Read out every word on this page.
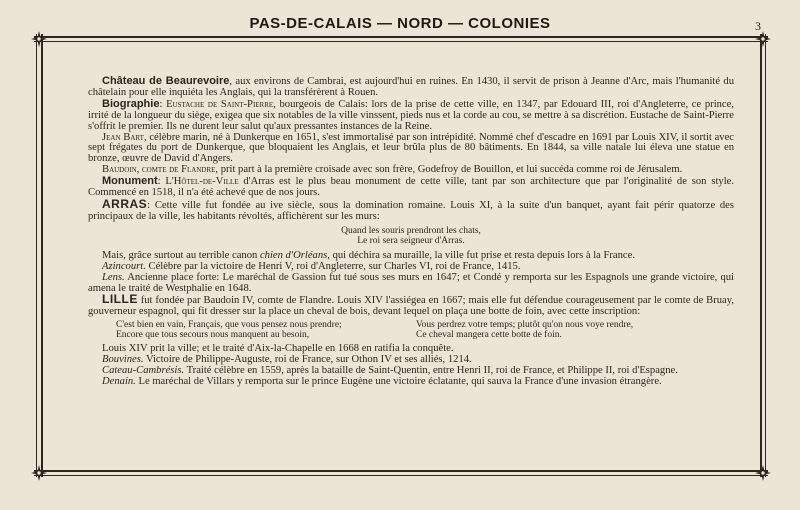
PAS-DE-CALAIS — NORD — COLONIES	3

Château de Beaurevoire, aux environs de Cambrai, est aujourd'hui en ruines. En 1430, il servit de prison à Jeanne d'Arc, mais l'humanité du châtelain pour elle inquiéta les Anglais, qui la transférèrent à Rouen.

Biographie: Eustache de Saint-Pierre, bourgeois de Calais: lors de la prise de cette ville, en 1347, par Edouard III, roi d'Angleterre, ce prince, irrité de la longueur du siège, exigea que six notables de la ville vinssent, pieds nus et la corde au cou, se mettre à sa discrétion. Eustache de Saint-Pierre s'offrit le premier. Ils ne durent leur salut qu'aux pressantes instances de la Reine.

Jean Bart, célèbre marin, né à Dunkerque en 1651, s'est immortalisé par son intrépidité. Nommé chef d'escadre en 1691 par Louis XIV, il sortit avec sept frégates du port de Dunkerque, que bloquaient les Anglais, et leur brûla plus de 80 bâtiments. En 1844, sa ville natale lui éleva une statue en bronze, œuvre de David d'Angers.

Baudoin, comte de Flandre, prit part à la première croisade avec son frère, Godefroy de Bouillon, et lui succéda comme roi de Jérusalem.

Monument: L'Hôtel-de-Ville d'Arras est le plus beau monument de cette ville, tant par son architecture que par l'originalité de son style. Commencé en 1518, il n'a été achevé que de nos jours.

ARRAS: Cette ville fut fondée au ive siècle, sous la domination romaine. Louis XI, à la suite d'un banquet, ayant fait périr quatorze des principaux de la ville, les habitants révoltés, affichèrent sur les murs:

Quand les souris prendront les chats,
Le roi sera seigneur d'Arras.

Mais, grâce surtout au terrible canon chien d'Orléans, qui déchira sa muraille, la ville fut prise et resta depuis lors à la France.

Azincourt. Célèbre par la victoire de Henri V, roi d'Angleterre, sur Charles VI, roi de France, 1415.

Lens. Ancienne place forte: Le maréchal de Gassion fut tué sous ses murs en 1647; et Condé y remporta sur les Espagnols une grande victoire, qui amena le traité de Westphalie en 1648.

LILLE fut fondée par Baudoin IV, comte de Flandre. Louis XIV l'assiégea en 1667; mais elle fut défendue courageusement par le comte de Bruay, gouverneur espagnol, qui fit dresser sur la place un cheval de bois, devant lequel on plaça une botte de foin, avec cette inscription:

C'est bien en vain, Français, que vous pensez nous prendre;
Encore que tous secours nous manquent au besoin,
Vous perdrez votre temps; plutôt qu'on nous voye rendre,
Ce cheval mangera cette botte de foin.

Louis XIV prit la ville; et le traité d'Aix-la-Chapelle en 1668 en ratifia la conquête.

Bouvines. Victoire de Philippe-Auguste, roi de France, sur Othon IV et ses alliés, 1214.

Cateau-Cambrésis. Traité célèbre en 1559, après la bataille de Saint-Quentin, entre Henri II, roi de France, et Philippe II, roi d'Espagne.

Denain. Le maréchal de Villars y remporta sur le prince Eugène une victoire éclatante, qui sauva la France d'une invasion étrangère.
